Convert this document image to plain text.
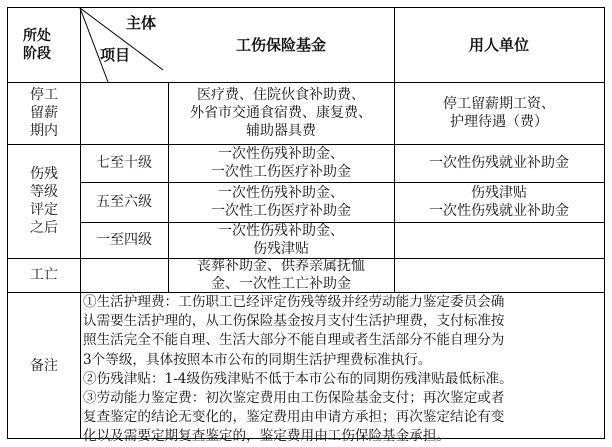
所处
阶段
主体
项目
工伤保险基金	用人单位
停工
留薪
期内
医疗费、住院伙食补助费、
外省市交通食宿费、康复费、
辅助器具费
停工留薪期工资、
护理待遇（费）
伤残
等级
评定
之后
七至十级
一次性伤残补助金、
一次性工伤医疗补助金
一次性伤残就业补助金
五至六级
一次性伤残补助金、
一次性工伤医疗补助金
伤残津贴
一次性伤残就业补助金
一至四级
一次性伤残补助金、
伤残津贴
工亡
丧葬补助金、供养亲属抚恤
金、一次性工亡补助金
备注
①生活护理费：工伤职工已经评定伤残等级并经劳动能力鉴定委员会确
认需要生活护理的，从工伤保险基金按月支付生活护理费，支付标准按
照生活完全不能自理、生活大部分不能自理或者生活部分不能自理分为
3个等级，具体按照本市公布的同期生活护理费标准执行。
②伤残津贴：1-4级伤残津贴不低于本市公布的同期伤残津贴最低标准。
③劳动能力鉴定费：初次鉴定费用由工伤保险基金支付；再次鉴定或者
复查鉴定的结论无变化的，鉴定费用由申请方承担；再次鉴定结论有变
化以及需要定期复查鉴定的，鉴定费用由工伤保险基金承担。
